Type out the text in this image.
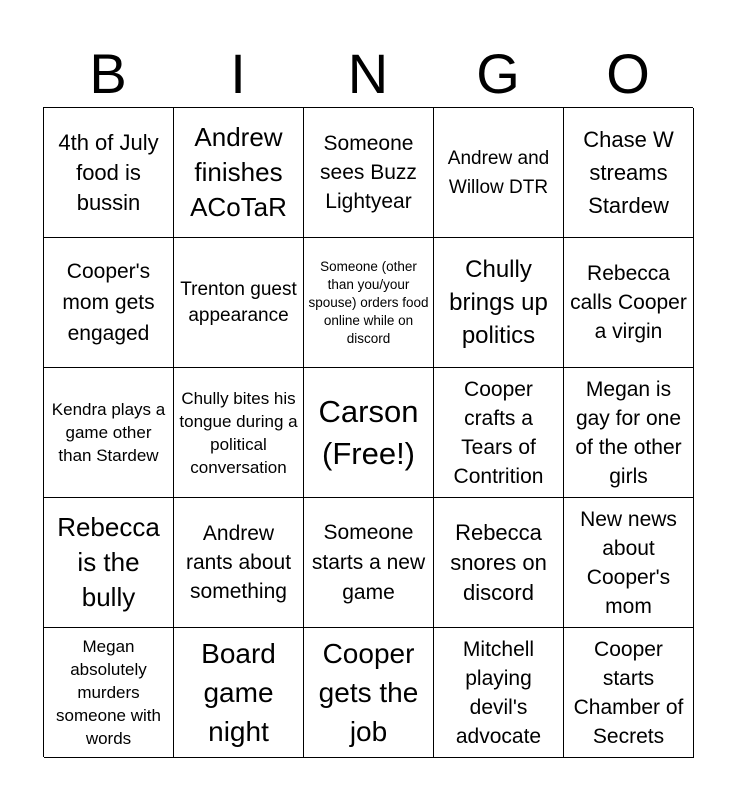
B	I	N	G	O
4th of July food is bussin
Andrew finishes ACoTaR
Someone sees Buzz Lightyear
Andrew and Willow DTR
Chase W streams Stardew
Cooper's mom gets engaged
Trenton guest appearance
Someone (other than you/your spouse) orders food online while on discord
Chully brings up politics
Rebecca calls Cooper a virgin
Kendra plays a game other than Stardew
Chully bites his tongue during a political conversation
Carson (Free!)
Cooper crafts a Tears of Contrition
Megan is gay for one of the other girls
Rebecca is the bully
Andrew rants about something
Someone starts a new game
Rebecca snores on discord
New news about Cooper's mom
Megan absolutely murders someone with words
Board game night
Cooper gets the job
Mitchell playing devil's advocate
Cooper starts Chamber of Secrets
